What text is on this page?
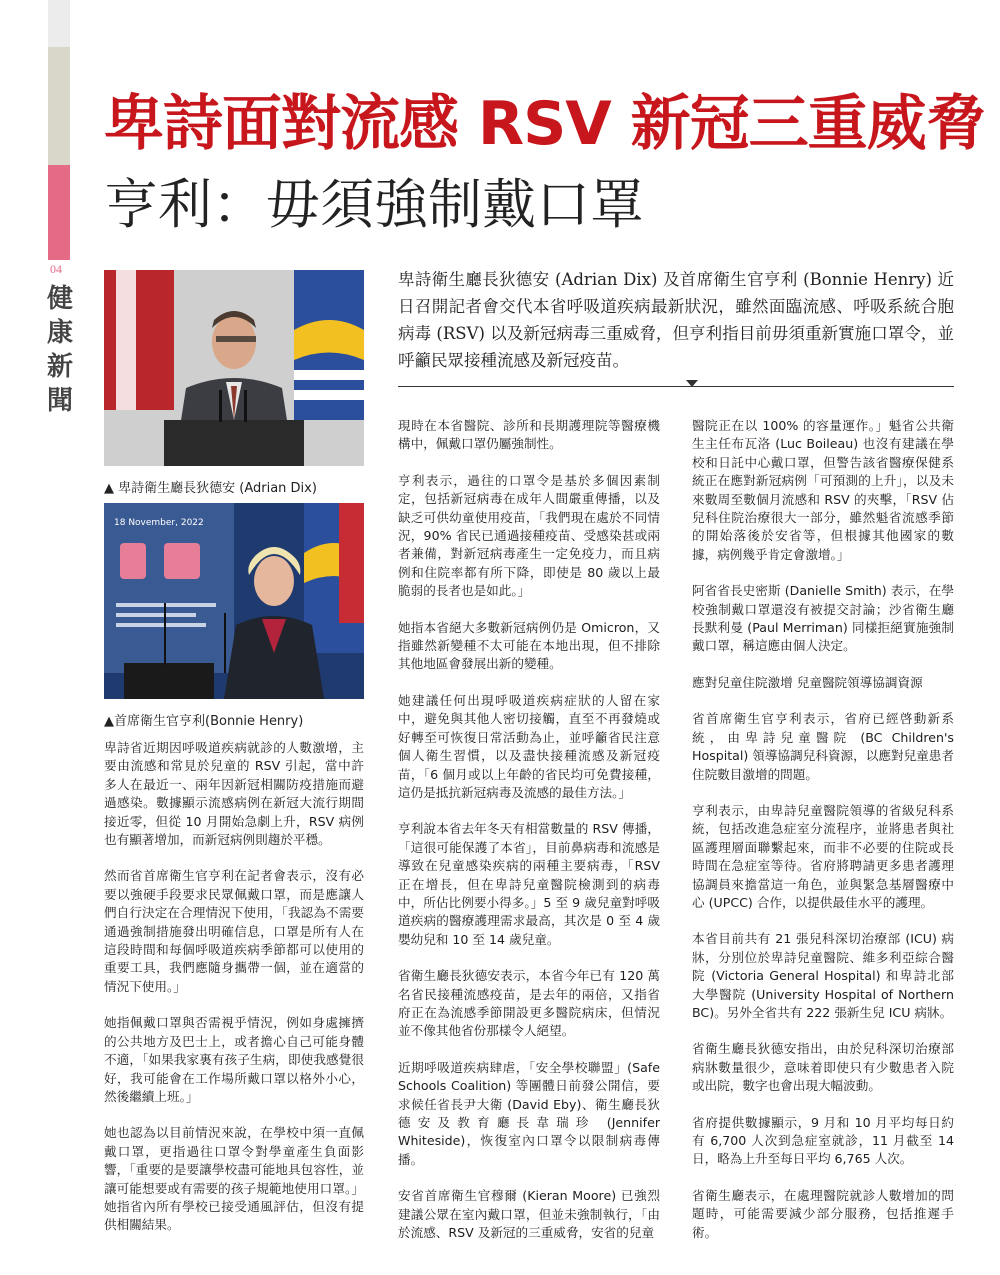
04
健康新聞
卑詩面對流感 RSV 新冠三重威脅
亨利：毋須強制戴口罩
▲ 卑詩衛生廳長狄德安 (Adrian Dix)
18 November, 2022
▲首席衛生官亨利(Bonnie Henry)
卑詩衛生廳長狄德安 (Adrian Dix) 及首席衛生官亨利 (Bonnie Henry) 近日召開記者會交代本省呼吸道疾病最新狀況，雖然面臨流感、呼吸系統合胞病毒 (RSV) 以及新冠病毒三重威脅，但亨利指目前毋須重新實施口罩令，並呼籲民眾接種流感及新冠疫苗。

卑詩省近期因呼吸道疾病就診的人數激增，主要由流感和常見於兒童的 RSV 引起，當中許多人在最近一、兩年因新冠相關防疫措施而避過感染。數據顯示流感病例在新冠大流行期間接近零，但從 10 月開始急劇上升，RSV 病例也有顯著增加，而新冠病例則趨於平穩。

然而省首席衛生官亨利在記者會表示，沒有必要以強硬手段要求民眾佩戴口罩，而是應讓人們自行決定在合理情況下使用，「我認為不需要通過強制措施發出明確信息，口罩是所有人在這段時間和每個呼吸道疾病季節都可以使用的重要工具，我們應隨身攜帶一個，並在適當的情況下使用。」

她指佩戴口罩與否需視乎情況，例如身處擁擠的公共地方及巴士上，或者擔心自己可能身體不適，「如果我家裏有孩子生病，即使我感覺很好，我可能會在工作場所戴口罩以格外小心，然後繼續上班。」

她也認為以目前情況來說，在學校中須一直佩戴口罩，更指過往口罩令對學童產生負面影響，「重要的是要讓學校盡可能地具包容性，並讓可能想要或有需要的孩子規範地使用口罩。」她指省內所有學校已接受通風評估，但沒有提供相關結果。

現時在本省醫院、診所和長期護理院等醫療機構中，佩戴口罩仍屬強制性。

亨利表示，過往的口罩令是基於多個因素制定，包括新冠病毒在成年人間嚴重傳播，以及缺乏可供幼童使用疫苗，「我們現在處於不同情況，90% 省民已通過接種疫苗、受感染甚或兩者兼備，對新冠病毒產生一定免疫力，而且病例和住院率都有所下降，即使是 80 歲以上最脆弱的長者也是如此。」

她指本省絕大多數新冠病例仍是 Omicron，又指雖然新變種不太可能在本地出現，但不排除其他地區會發展出新的變種。

她建議任何出現呼吸道疾病症狀的人留在家中，避免與其他人密切接觸，直至不再發燒或好轉至可恢復日常活動為止，並呼籲省民注意個人衛生習慣，以及盡快接種流感及新冠疫苗，「6 個月或以上年齡的省民均可免費接種，這仍是抵抗新冠病毒及流感的最佳方法。」

亨利說本省去年冬天有相當數量的 RSV 傳播，「這很可能保護了本省」，目前鼻病毒和流感是導致在兒童感染疾病的兩種主要病毒，「RSV 正在增長，但在卑詩兒童醫院檢測到的病毒中，所佔比例要小得多。」5 至 9 歲兒童對呼吸道疾病的醫療護理需求最高，其次是 0 至 4 歲嬰幼兒和 10 至 14 歲兒童。

省衛生廳長狄德安表示，本省今年已有 120 萬名省民接種流感疫苗，是去年的兩倍，又指省府正在為流感季節開設更多醫院病床，但情況並不像其他省份那樣令人絕望。

近期呼吸道疾病肆虐，「安全學校聯盟」(Safe Schools Coalition) 等團體日前發公開信，要求候任省長尹大衛 (David Eby)、衛生廳長狄德安及教育廳長韋瑞珍 (Jennifer Whiteside)，恢復室內口罩令以限制病毒傳播。

安省首席衛生官穆爾 (Kieran Moore) 已強烈建議公眾在室內戴口罩，但並未強制執行，「由於流感、RSV 及新冠的三重威脅，安省的兒童

醫院正在以 100% 的容量運作。」魁省公共衛生主任布瓦洛 (Luc Boileau) 也沒有建議在學校和日託中心戴口罩，但警告該省醫療保健系統正在應對新冠病例「可預測的上升」，以及未來數周至數個月流感和 RSV 的夾擊，「RSV 佔兒科住院治療很大一部分，雖然魁省流感季節的開始落後於安省等，但根據其他國家的數據，病例幾乎肯定會激增。」

阿省省長史密斯 (Danielle Smith) 表示，在學校強制戴口罩還沒有被提交討論；沙省衛生廳長默利曼 (Paul Merriman) 同樣拒絕實施強制戴口罩，稱這應由個人決定。

應對兒童住院激增 兒童醫院領導協調資源

省首席衛生官亨利表示，省府已經啓動新系統，由卑詩兒童醫院 (BC Children's Hospital) 領導協調兒科資源，以應對兒童患者住院數目激增的問題。

亨利表示，由卑詩兒童醫院領導的省級兒科系統，包括改進急症室分流程序，並將患者與社區護理層面聯繫起來，而非不必要的住院或長時間在急症室等待。省府將聘請更多患者護理協調員來擔當這一角色，並與緊急基層醫療中心 (UPCC) 合作，以提供最佳水平的護理。

本省目前共有 21 張兒科深切治療部 (ICU) 病牀，分別位於卑詩兒童醫院、維多利亞綜合醫院 (Victoria General Hospital) 和卑詩北部大學醫院 (University Hospital of Northern BC)。另外全省共有 222 張新生兒 ICU 病牀。

省衛生廳長狄德安指出，由於兒科深切治療部病牀數量很少，意味着即使只有少數患者入院或出院，數字也會出現大幅波動。

省府提供數據顯示，9 月和 10 月平均每日約有 6,700 人次到急症室就診，11 月截至 14 日，略為上升至每日平均 6,765 人次。

省衛生廳表示，在處理醫院就診人數增加的問題時，可能需要減少部分服務，包括推遲手術。
